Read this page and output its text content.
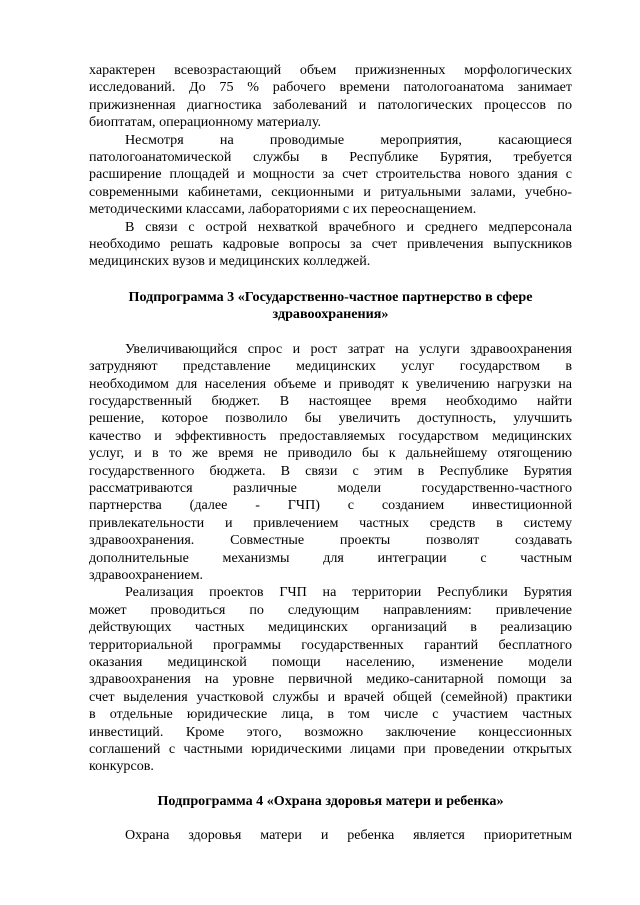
характерен всевозрастающий объем прижизненных морфологических
исследований. До 75 % рабочего времени патологоанатома занимает
прижизненная диагностика заболеваний и патологических процессов по
биоптатам, операционному материалу.
Несмотря на проводимые мероприятия, касающиеся
патологоанатомической службы в Республике Бурятия, требуется
расширение площадей и мощности за счет строительства нового здания с
современными кабинетами, секционными и ритуальными залами, учебно-
методическими классами, лабораториями с их переоснащением.
В связи с острой нехваткой врачебного и среднего медперсонала
необходимо решать кадровые вопросы за счет привлечения выпускников
медицинских вузов и медицинских колледжей.
Подпрограмма 3 «Государственно-частное партнерство в сфере
здравоохранения»
Увеличивающийся спрос и рост затрат на услуги здравоохранения
затрудняют представление медицинских услуг государством в
необходимом для населения объеме и приводят к увеличению нагрузки на
государственный бюджет. В настоящее время необходимо найти
решение, которое позволило бы увеличить доступность, улучшить
качество и эффективность предоставляемых государством медицинских
услуг, и в то же время не приводило бы к дальнейшему отягощению
государственного бюджета. В связи с этим в Республике Бурятия
рассматриваются различные модели государственно-частного
партнерства (далее - ГЧП) с созданием инвестиционной
привлекательности и привлечением частных средств в систему
здравоохранения. Совместные проекты позволят создавать
дополнительные механизмы для интеграции с частным
здравоохранением.
Реализация проектов ГЧП на территории Республики Бурятия
может проводиться по следующим направлениям: привлечение
действующих частных медицинских организаций в реализацию
территориальной программы государственных гарантий бесплатного
оказания медицинской помощи населению, изменение модели
здравоохранения на уровне первичной медико-санитарной помощи за
счет выделения участковой службы и врачей общей (семейной) практики
в отдельные юридические лица, в том числе с участием частных
инвестиций. Кроме этого, возможно заключение концессионных
соглашений с частными юридическими лицами при проведении открытых
конкурсов.
Подпрограмма 4 «Охрана здоровья матери и ребенка»
Охрана здоровья матери и ребенка является приоритетным
